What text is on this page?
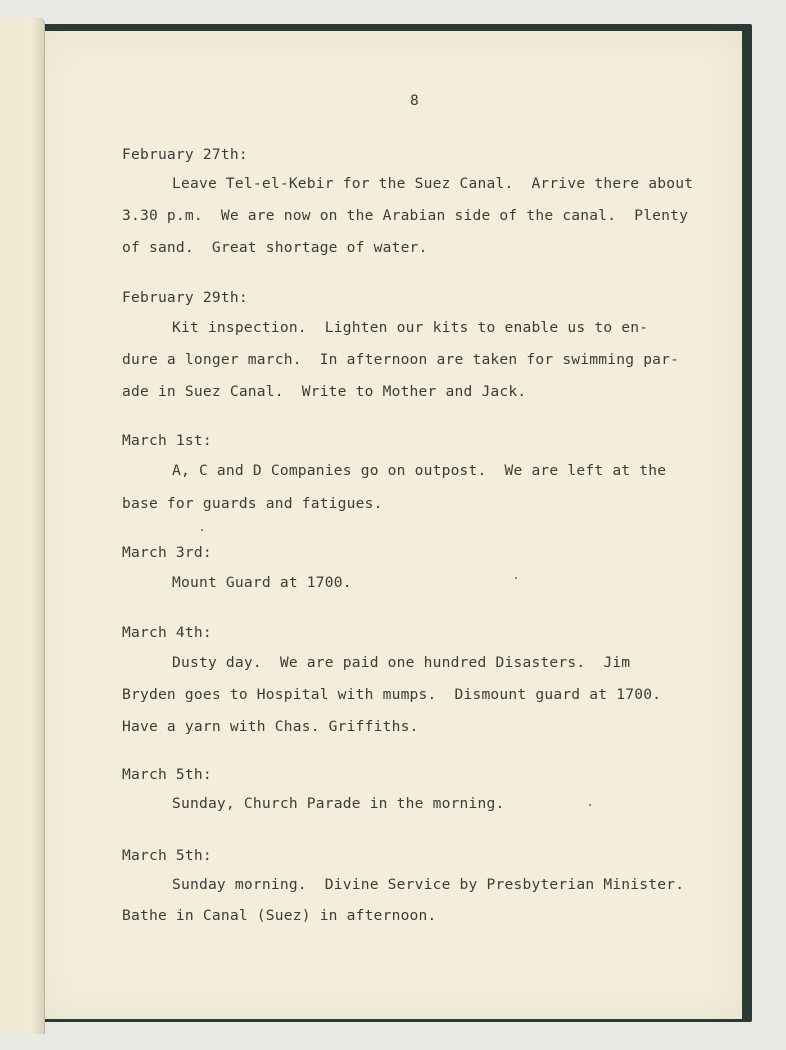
8
February 27th:
Leave Tel-el-Kebir for the Suez Canal.  Arrive there about
3.30 p.m.  We are now on the Arabian side of the canal.  Plenty
of sand.  Great shortage of water.
February 29th:
Kit inspection.  Lighten our kits to enable us to en-
dure a longer march.  In afternoon are taken for swimming par-
ade in Suez Canal.  Write to Mother and Jack.
March 1st:
A, C and D Companies go on outpost.  We are left at the
base for guards and fatigues.
March 3rd:
Mount Guard at 1700.
March 4th:
Dusty day.  We are paid one hundred Disasters.  Jim
Bryden goes to Hospital with mumps.  Dismount guard at 1700.
Have a yarn with Chas. Griffiths.
March 5th:
Sunday, Church Parade in the morning.
March 5th:
Sunday morning.  Divine Service by Presbyterian Minister.
Bathe in Canal (Suez) in afternoon.
